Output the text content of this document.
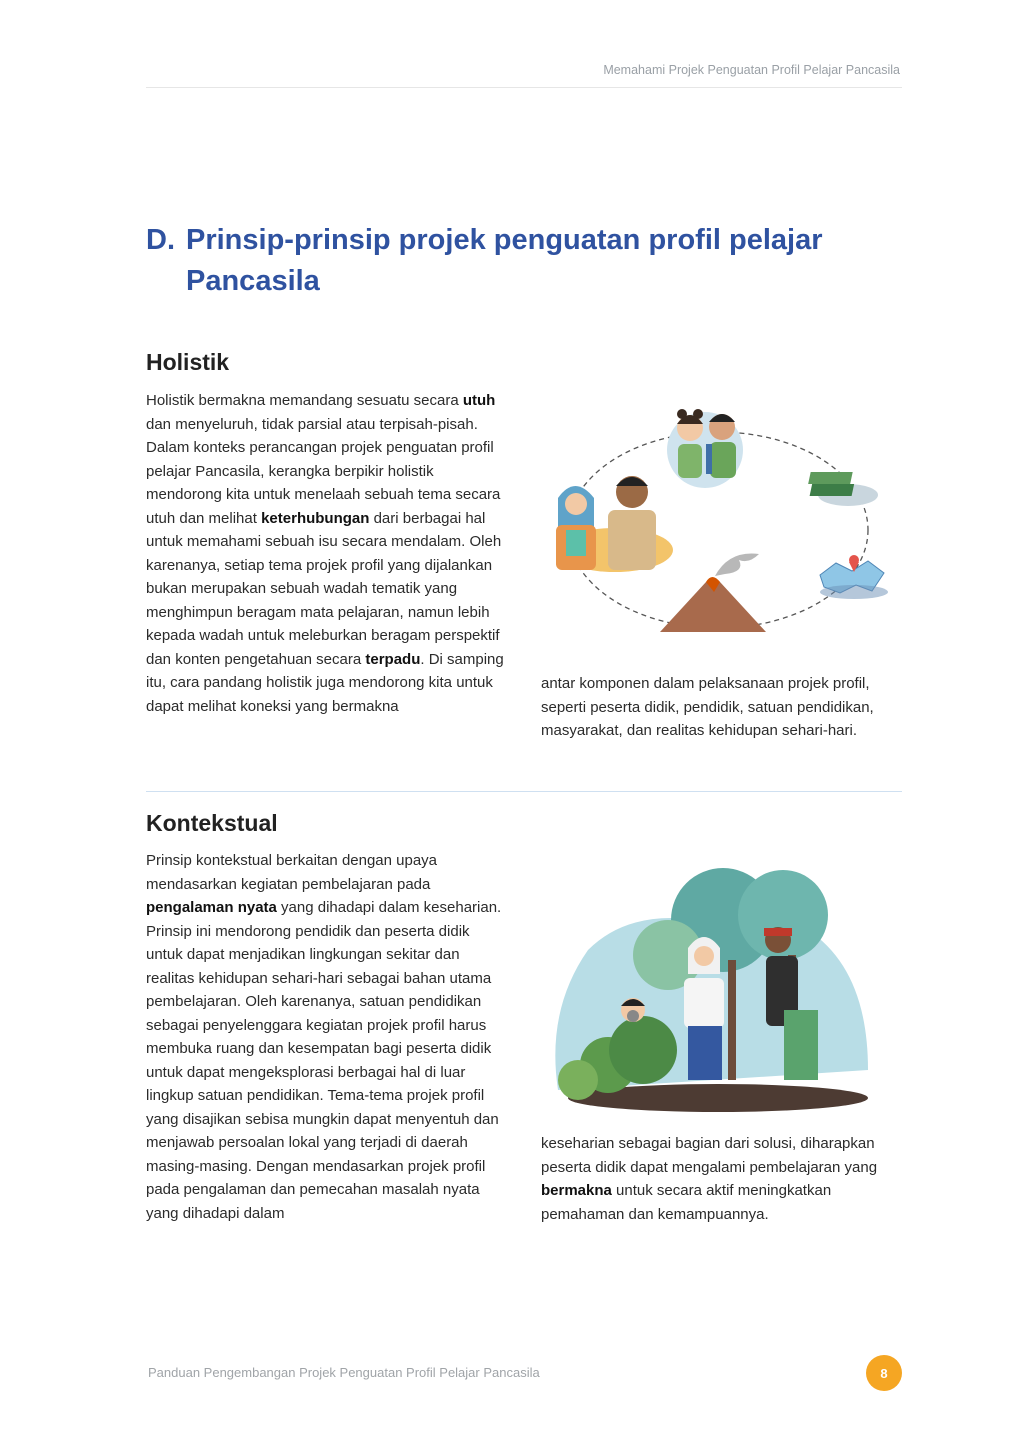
Memahami Projek Penguatan Profil Pelajar Pancasila
D. Prinsip-prinsip projek penguatan profil pelajar Pancasila
Holistik

Holistik bermakna memandang sesuatu secara utuh dan menyeluruh, tidak parsial atau terpisah-pisah. Dalam konteks perancangan projek penguatan profil pelajar Pancasila, kerangka berpikir holistik mendorong kita untuk menelaah sebuah tema secara utuh dan melihat keterhubungan dari berbagai hal untuk memahami sebuah isu secara mendalam. Oleh karenanya, setiap tema projek profil yang dijalankan bukan merupakan sebuah wadah tematik yang menghimpun beragam mata pelajaran, namun lebih kepada wadah untuk meleburkan beragam perspektif dan konten pengetahuan secara terpadu. Di samping itu, cara pandang holistik juga mendorong kita untuk dapat melihat koneksi yang bermakna

antar komponen dalam pelaksanaan projek profil, seperti peserta didik, pendidik, satuan pendidikan, masyarakat, dan realitas kehidupan sehari-hari.

Kontekstual

Prinsip kontekstual berkaitan dengan upaya mendasarkan kegiatan pembelajaran pada pengalaman nyata yang dihadapi dalam keseharian. Prinsip ini mendorong pendidik dan peserta didik untuk dapat menjadikan lingkungan sekitar dan realitas kehidupan sehari-hari sebagai bahan utama pembelajaran. Oleh karenanya, satuan pendidikan sebagai penyelenggara kegiatan projek profil harus membuka ruang dan kesempatan bagi peserta didik untuk dapat mengeksplorasi berbagai hal di luar lingkup satuan pendidikan. Tema-tema projek profil yang disajikan sebisa mungkin dapat menyentuh dan menjawab persoalan lokal yang terjadi di daerah masing-masing. Dengan mendasarkan projek profil pada pengalaman dan pemecahan masalah nyata yang dihadapi dalam

keseharian sebagai bagian dari solusi, diharapkan peserta didik dapat mengalami pembelajaran yang bermakna untuk secara aktif meningkatkan pemahaman dan kemampuannya.

Panduan Pengembangan Projek Penguatan Profil Pelajar Pancasila	8
